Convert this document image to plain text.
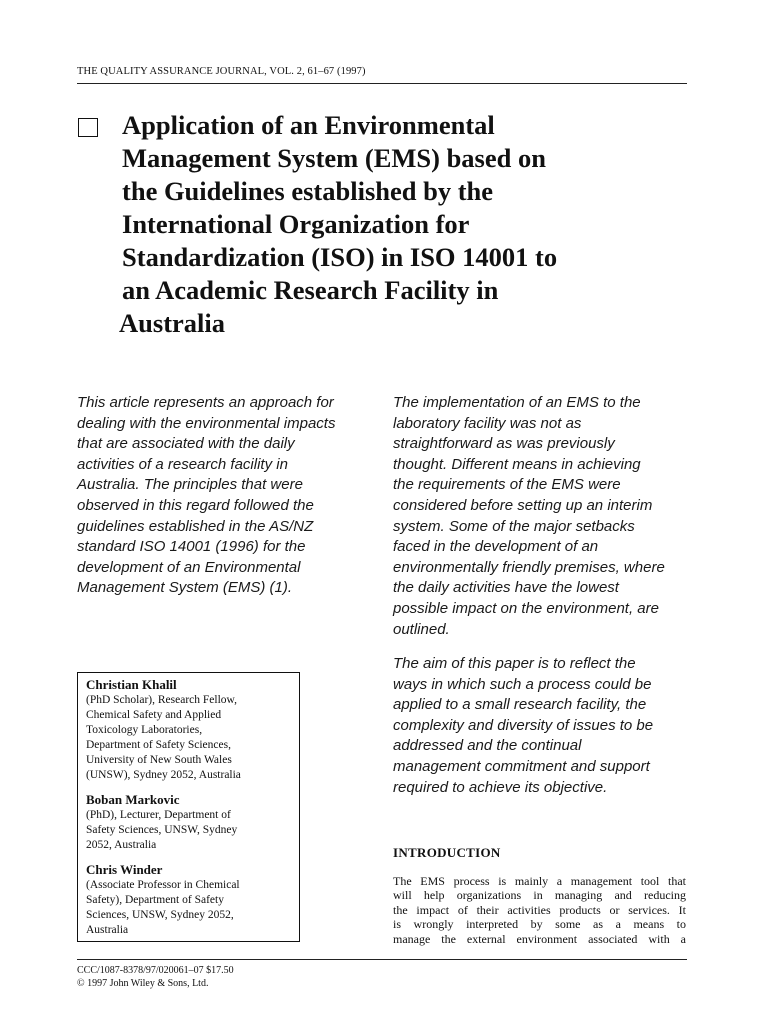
THE QUALITY ASSURANCE JOURNAL, VOL. 2, 61–67 (1997)
Application of an Environmental
Management System (EMS) based on
the Guidelines established by the
International Organization for
Standardization (ISO) in ISO 14001 to
an Academic Research Facility in
Australia
This article represents an approach for
dealing with the environmental impacts
that are associated with the daily
activities of a research facility in
Australia. The principles that were
observed in this regard followed the
guidelines established in the AS/NZ
standard ISO 14001 (1996) for the
development of an Environmental
Management System (EMS) (1).
The implementation of an EMS to the
laboratory facility was not as
straightforward as was previously
thought. Different means in achieving
the requirements of the EMS were
considered before setting up an interim
system. Some of the major setbacks
faced in the development of an
environmentally friendly premises, where
the daily activities have the lowest
possible impact on the environment, are
outlined.
The aim of this paper is to reflect the
ways in which such a process could be
applied to a small research facility, the
complexity and diversity of issues to be
addressed and the continual
management commitment and support
required to achieve its objective.
Christian Khalil
(PhD Scholar), Research Fellow,
Chemical Safety and Applied
Toxicology Laboratories,
Department of Safety Sciences,
University of New South Wales
(UNSW), Sydney 2052, Australia
Boban Markovic
(PhD), Lecturer, Department of
Safety Sciences, UNSW, Sydney
2052, Australia
Chris Winder
(Associate Professor in Chemical
Safety), Department of Safety
Sciences, UNSW, Sydney 2052,
Australia
INTRODUCTION
The EMS process is mainly a management tool that
will help organizations in managing and reducing
the impact of their activities products or services. It
is wrongly interpreted by some as a means to
manage the external environment associated with a
CCC/1087-8378/97/020061–07 $17.50
© 1997 John Wiley & Sons, Ltd.
